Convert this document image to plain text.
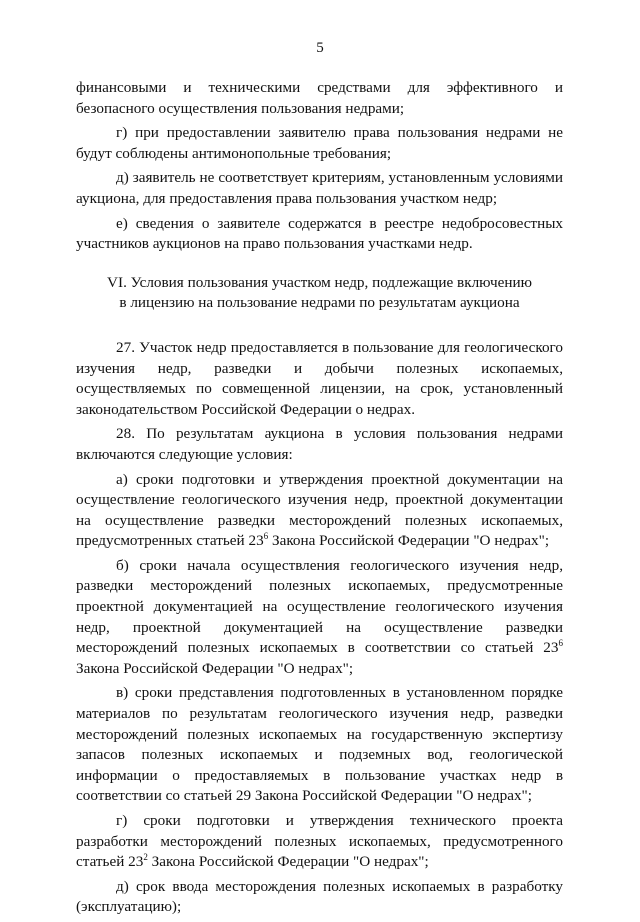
5

финансовыми и техническими средствами для эффективного и безопасного осуществления пользования недрами;

г) при предоставлении заявителю права пользования недрами не будут соблюдены антимонопольные требования;

д) заявитель не соответствует критериям, установленным условиями аукциона, для предоставления права пользования участком недр;

е) сведения о заявителе содержатся в реестре недобросовестных участников аукционов на право пользования участками недр.

VI. Условия пользования участком недр, подлежащие включению
в лицензию на пользование недрами по результатам аукциона

27. Участок недр предоставляется в пользование для геологического изучения недр, разведки и добычи полезных ископаемых, осуществляемых по совмещенной лицензии, на срок, установленный законодательством Российской Федерации о недрах.

28. По результатам аукциона в условия пользования недрами включаются следующие условия:

а) сроки подготовки и утверждения проектной документации на осуществление геологического изучения недр, проектной документации на осуществление разведки месторождений полезных ископаемых, предусмотренных статьей $23^6$ Закона Российской Федерации "О недрах";

б) сроки начала осуществления геологического изучения недр, разведки месторождений полезных ископаемых, предусмотренные проектной документацией на осуществление геологического изучения недр, проектной документацией на осуществление разведки месторождений полезных ископаемых в соответствии со статьей $23^6$ Закона Российской Федерации "О недрах";

в) сроки представления подготовленных в установленном порядке материалов по результатам геологического изучения недр, разведки месторождений полезных ископаемых на государственную экспертизу запасов полезных ископаемых и подземных вод, геологической информации о предоставляемых в пользование участках недр в соответствии со статьей 29 Закона Российской Федерации "О недрах";

г) сроки подготовки и утверждения технического проекта разработки месторождений полезных ископаемых, предусмотренного статьей $23^2$ Закона Российской Федерации "О недрах";

д) срок ввода месторождения полезных ископаемых в разработку (эксплуатацию);
